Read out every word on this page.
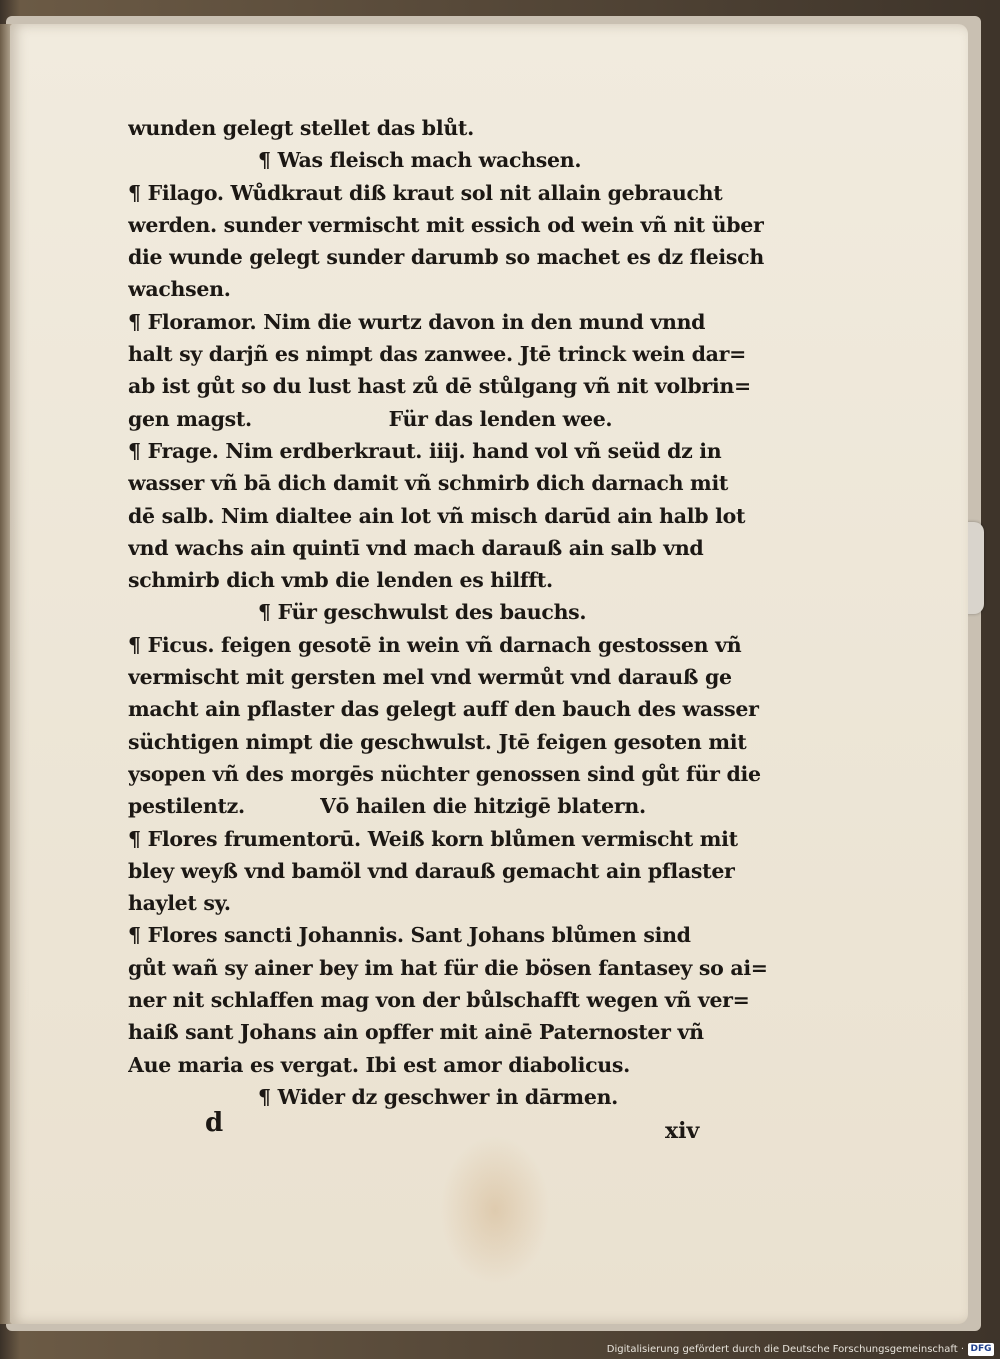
wunden gelegt stellet das blůt.
¶ Was fleisch mach wachsen.
¶ Filago. Wůdkraut diß kraut sol nit allain gebraucht
werden. sunder vermischt mit essich od wein vñ nit über
die wunde gelegt sunder darumb so machet es dz fleisch
wachsen.
¶ Floramor. Nim die wurtz davon in den mund vnnd
halt sy darjñ es nimpt das zanwee. Jtē trinck wein dar=
ab ist gůt so du lust hast zů dē stůlgang vñ nit volbrin=
gen magst.                    Für das lenden wee.
¶ Frage. Nim erdberkraut. iiij. hand vol vñ seüd dz in
wasser vñ bā dich damit vñ schmirb dich darnach mit
dē salb. Nim dialtee ain lot vñ misch darūd ain halb lot
vnd wachs ain quintī vnd mach darauß ain salb vnd
schmirb dich vmb die lenden es hilfft.
¶ Für geschwulst des bauchs.
¶ Ficus. feigen gesotē in wein vñ darnach gestossen vñ
vermischt mit gersten mel vnd wermůt vnd darauß ge
macht ain pflaster das gelegt auff den bauch des wasser
süchtigen nimpt die geschwulst. Jtē feigen gesoten mit
ysopen vñ des morgēs nüchter genossen sind gůt für die
pestilentz.           Vō hailen die hitzigē blatern.
¶ Flores frumentorū. Weiß korn blůmen vermischt mit
bley weyß vnd bamöl vnd darauß gemacht ain pflaster
haylet sy.
¶ Flores sancti Johannis. Sant Johans blůmen sind
gůt wañ sy ainer bey im hat für die bösen fantasey so ai=
ner nit schlaffen mag von der bůlschafft wegen vñ ver=
haiß sant Johans ain opffer mit ainē Paternoster vñ
Aue maria es vergat. Ibi est amor diabolicus.
¶ Wider dz geschwer in dārmen.
d	xiv
Digitalisierung gefördert durch die Deutsche Forschungsgemeinschaft · DFG
